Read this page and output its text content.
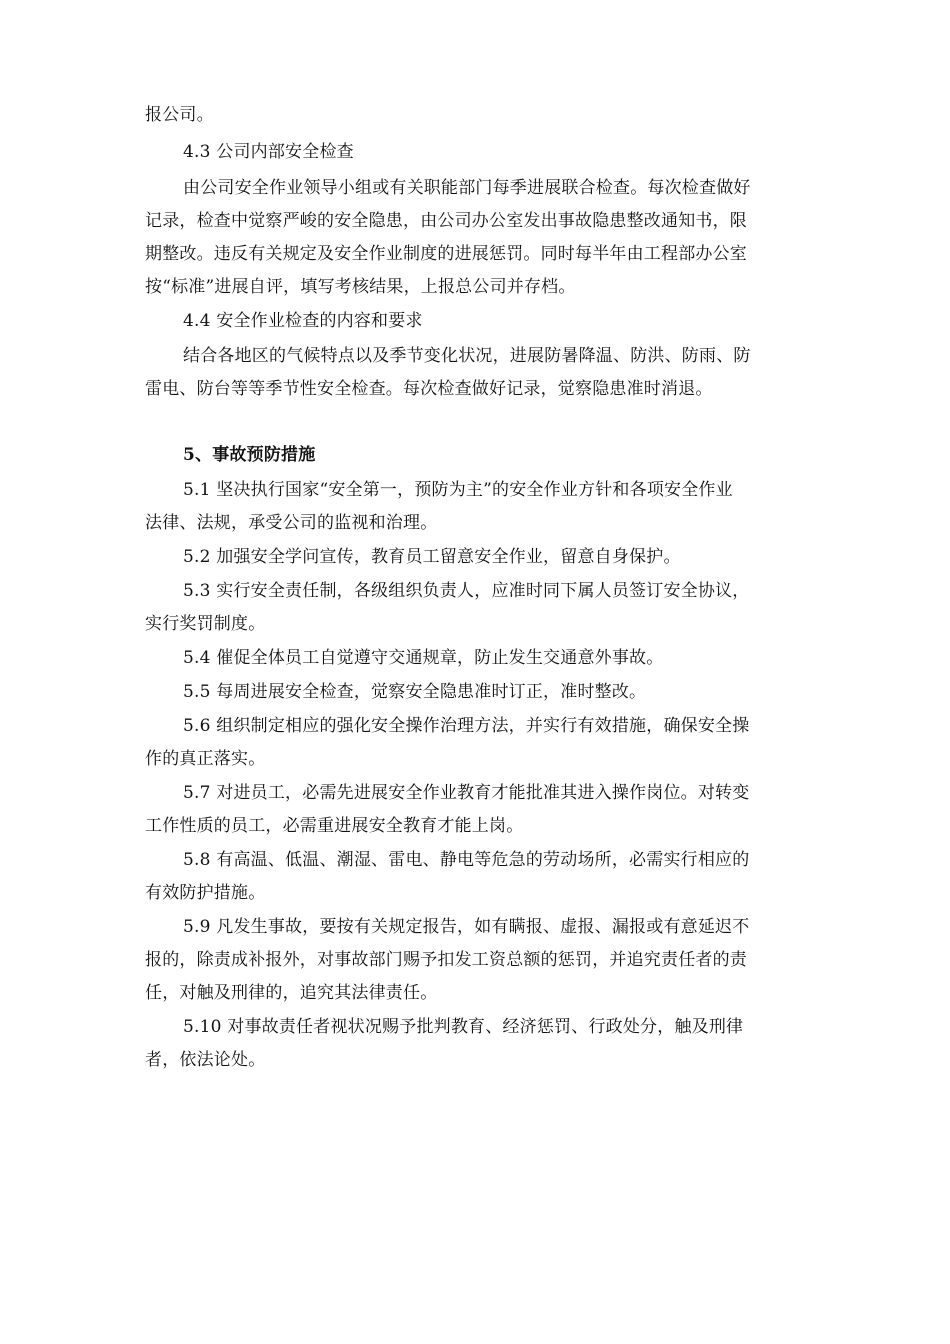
报公司。
4.3 公司内部安全检查
由公司安全作业领导小组或有关职能部门每季进展联合检查。每次检查做好
记录，检查中觉察严峻的安全隐患，由公司办公室发出事故隐患整改通知书，限
期整改。违反有关规定及安全作业制度的进展惩罚。同时每半年由工程部办公室
按“标准”进展自评，填写考核结果，上报总公司并存档。
4.4 安全作业检查的内容和要求
结合各地区的气候特点以及季节变化状况，进展防暑降温、防洪、防雨、防
雷电、防台等等季节性安全检查。每次检查做好记录，觉察隐患准时消退。
5、事故预防措施
5.1 坚决执行国家“安全第一，预防为主”的安全作业方针和各项安全作业
法律、法规，承受公司的监视和治理。
5.2 加强安全学问宣传，教育员工留意安全作业，留意自身保护。
5.3 实行安全责任制，各级组织负责人，应准时同下属人员签订安全协议，
实行奖罚制度。
5.4 催促全体员工自觉遵守交通规章，防止发生交通意外事故。
5.5 每周进展安全检查，觉察安全隐患准时订正，准时整改。
5.6 组织制定相应的强化安全操作治理方法，并实行有效措施，确保安全操
作的真正落实。
5.7 对进员工，必需先进展安全作业教育才能批准其进入操作岗位。对转变
工作性质的员工，必需重进展安全教育才能上岗。
5.8 有高温、低温、潮湿、雷电、静电等危急的劳动场所，必需实行相应的
有效防护措施。
5.9 凡发生事故，要按有关规定报告，如有瞒报、虚报、漏报或有意延迟不
报的，除责成补报外，对事故部门赐予扣发工资总额的惩罚，并追究责任者的责
任，对触及刑律的，追究其法律责任。
5.10 对事故责任者视状况赐予批判教育、经济惩罚、行政处分，触及刑律
者，依法论处。
